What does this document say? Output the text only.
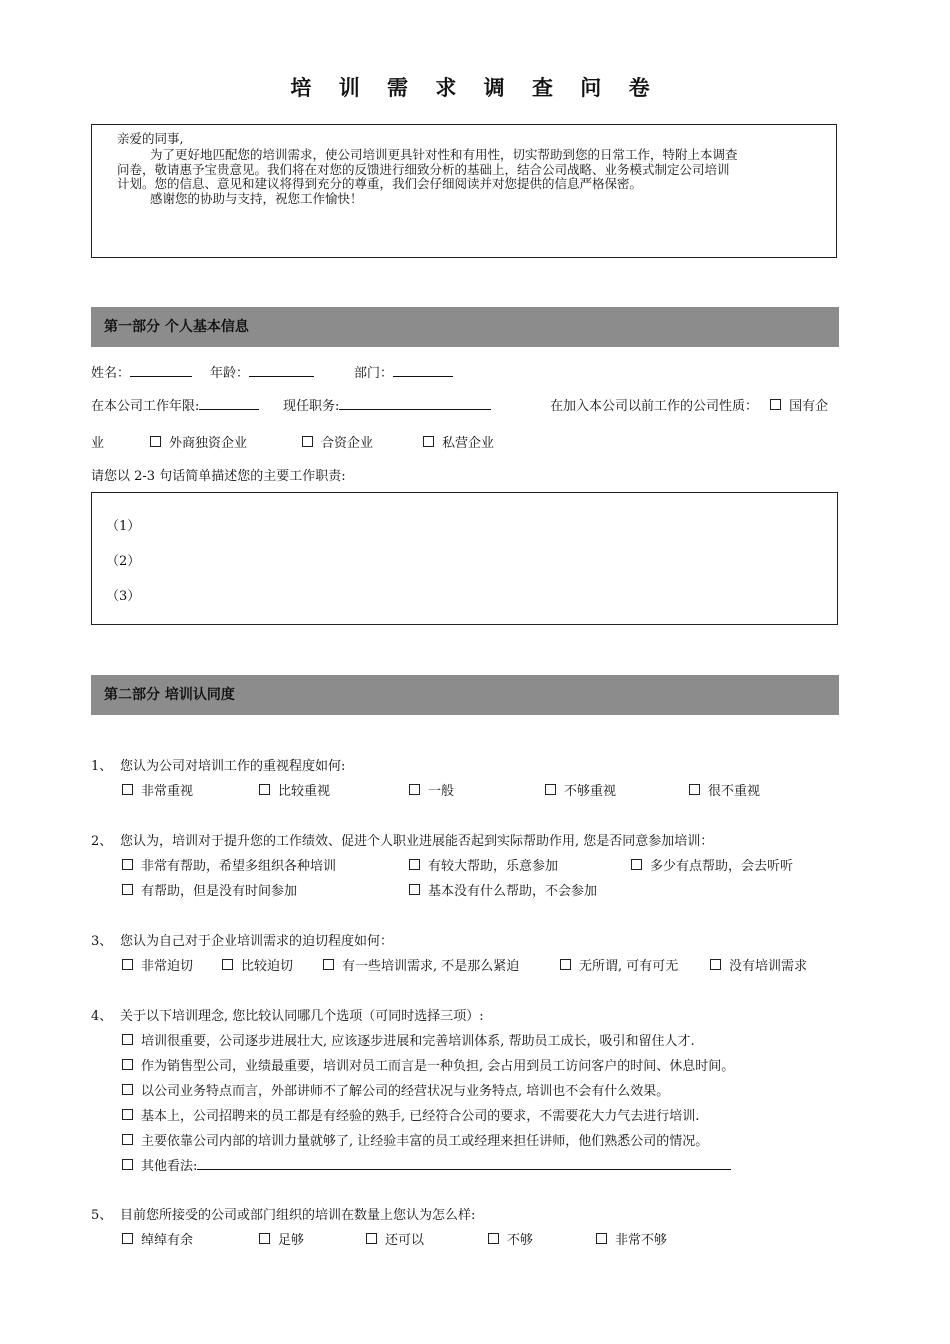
培 训 需 求 调 查 问 卷
亲爱的同事,
为了更好地匹配您的培训需求，使公司培训更具针对性和有用性，切实帮助到您的日常工作，特附上本调查
问卷，敬请惠予宝贵意见。我们将在对您的反馈进行细致分析的基础上，结合公司战略、业务模式制定公司培训
计划。您的信息、意见和建议将得到充分的尊重，我们会仔细阅读并对您提供的信息严格保密。
感谢您的协助与支持，祝您工作愉快！
第一部分 个人基本信息
姓名：	年龄：	部门：
在本公司工作年限:	现任职务:	在加入本公司以前工作的公司性质： 国有企
业	外商独资企业	合资企业	私营企业
请您以 2-3 句话简单描述您的主要工作职责:
（1）
（2）
（3）
第二部分 培训认同度
1、 您认为公司对培训工作的重视程度如何:
非常重视	比较重视	一般	不够重视	很不重视
2、 您认为，培训对于提升您的工作绩效、促进个人职业进展能否起到实际帮助作用, 您是否同意参加培训：
非常有帮助，希望多组织各种培训	有较大帮助，乐意参加	多少有点帮助，会去听听
有帮助，但是没有时间参加	基本没有什么帮助，不会参加
3、 您认为自己对于企业培训需求的迫切程度如何：
非常迫切	比较迫切	有一些培训需求, 不是那么紧迫	无所谓, 可有可无	没有培训需求
4、 关于以下培训理念, 您比较认同哪几个选项（可同时选择三项）:
培训很重要，公司逐步进展壮大, 应该逐步进展和完善培训体系, 帮助员工成长，吸引和留住人才.
作为销售型公司，业绩最重要，培训对员工而言是一种负担, 会占用到员工访问客户的时间、休息时间。
以公司业务特点而言，外部讲师不了解公司的经营状况与业务特点, 培训也不会有什么效果。
基本上，公司招聘来的员工都是有经验的熟手, 已经符合公司的要求，不需要花大力气去进行培训.
主要依靠公司内部的培训力量就够了, 让经验丰富的员工或经理来担任讲师，他们熟悉公司的情况。
其他看法:
5、 目前您所接受的公司或部门组织的培训在数量上您认为怎么样:
绰绰有余	足够	还可以	不够	非常不够
